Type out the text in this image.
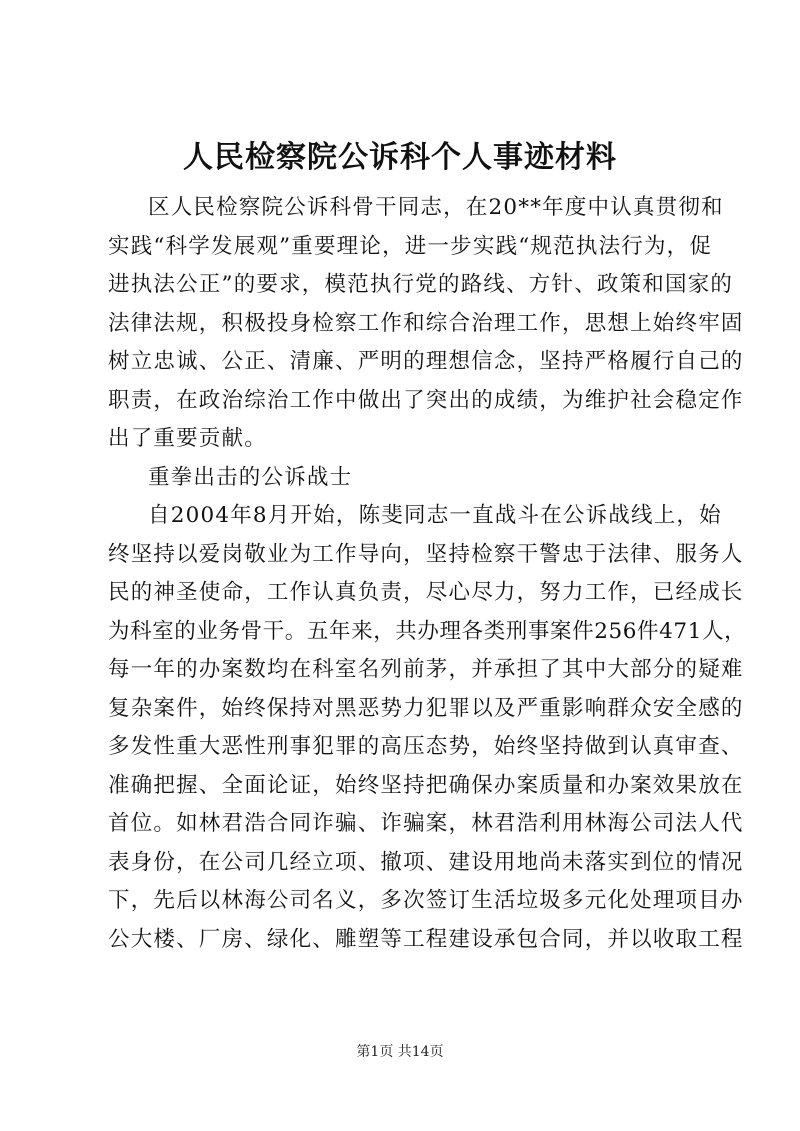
人民检察院公诉科个人事迹材料
区人民检察院公诉科骨干同志，在20**年度中认真贯彻和
实践“科学发展观”重要理论，进一步实践“规范执法行为，促
进执法公正”的要求，模范执行党的路线、方针、政策和国家的
法律法规，积极投身检察工作和综合治理工作，思想上始终牢固
树立忠诚、公正、清廉、严明的理想信念，坚持严格履行自己的
职责，在政治综治工作中做出了突出的成绩，为维护社会稳定作
出了重要贡献。
重拳出击的公诉战士
自2004年8月开始，陈斐同志一直战斗在公诉战线上，始
终坚持以爱岗敬业为工作导向，坚持检察干警忠于法律、服务人
民的神圣使命，工作认真负责，尽心尽力，努力工作，已经成长
为科室的业务骨干。五年来，共办理各类刑事案件256件471人，
每一年的办案数均在科室名列前茅，并承担了其中大部分的疑难
复杂案件，始终保持对黑恶势力犯罪以及严重影响群众安全感的
多发性重大恶性刑事犯罪的高压态势，始终坚持做到认真审查、
准确把握、全面论证，始终坚持把确保办案质量和办案效果放在
首位。如林君浩合同诈骗、诈骗案，林君浩利用林海公司法人代
表身份，在公司几经立项、撤项、建设用地尚未落实到位的情况
下，先后以林海公司名义，多次签订生活垃圾多元化处理项目办
公大楼、厂房、绿化、雕塑等工程建设承包合同，并以收取工程
第1页 共14页
